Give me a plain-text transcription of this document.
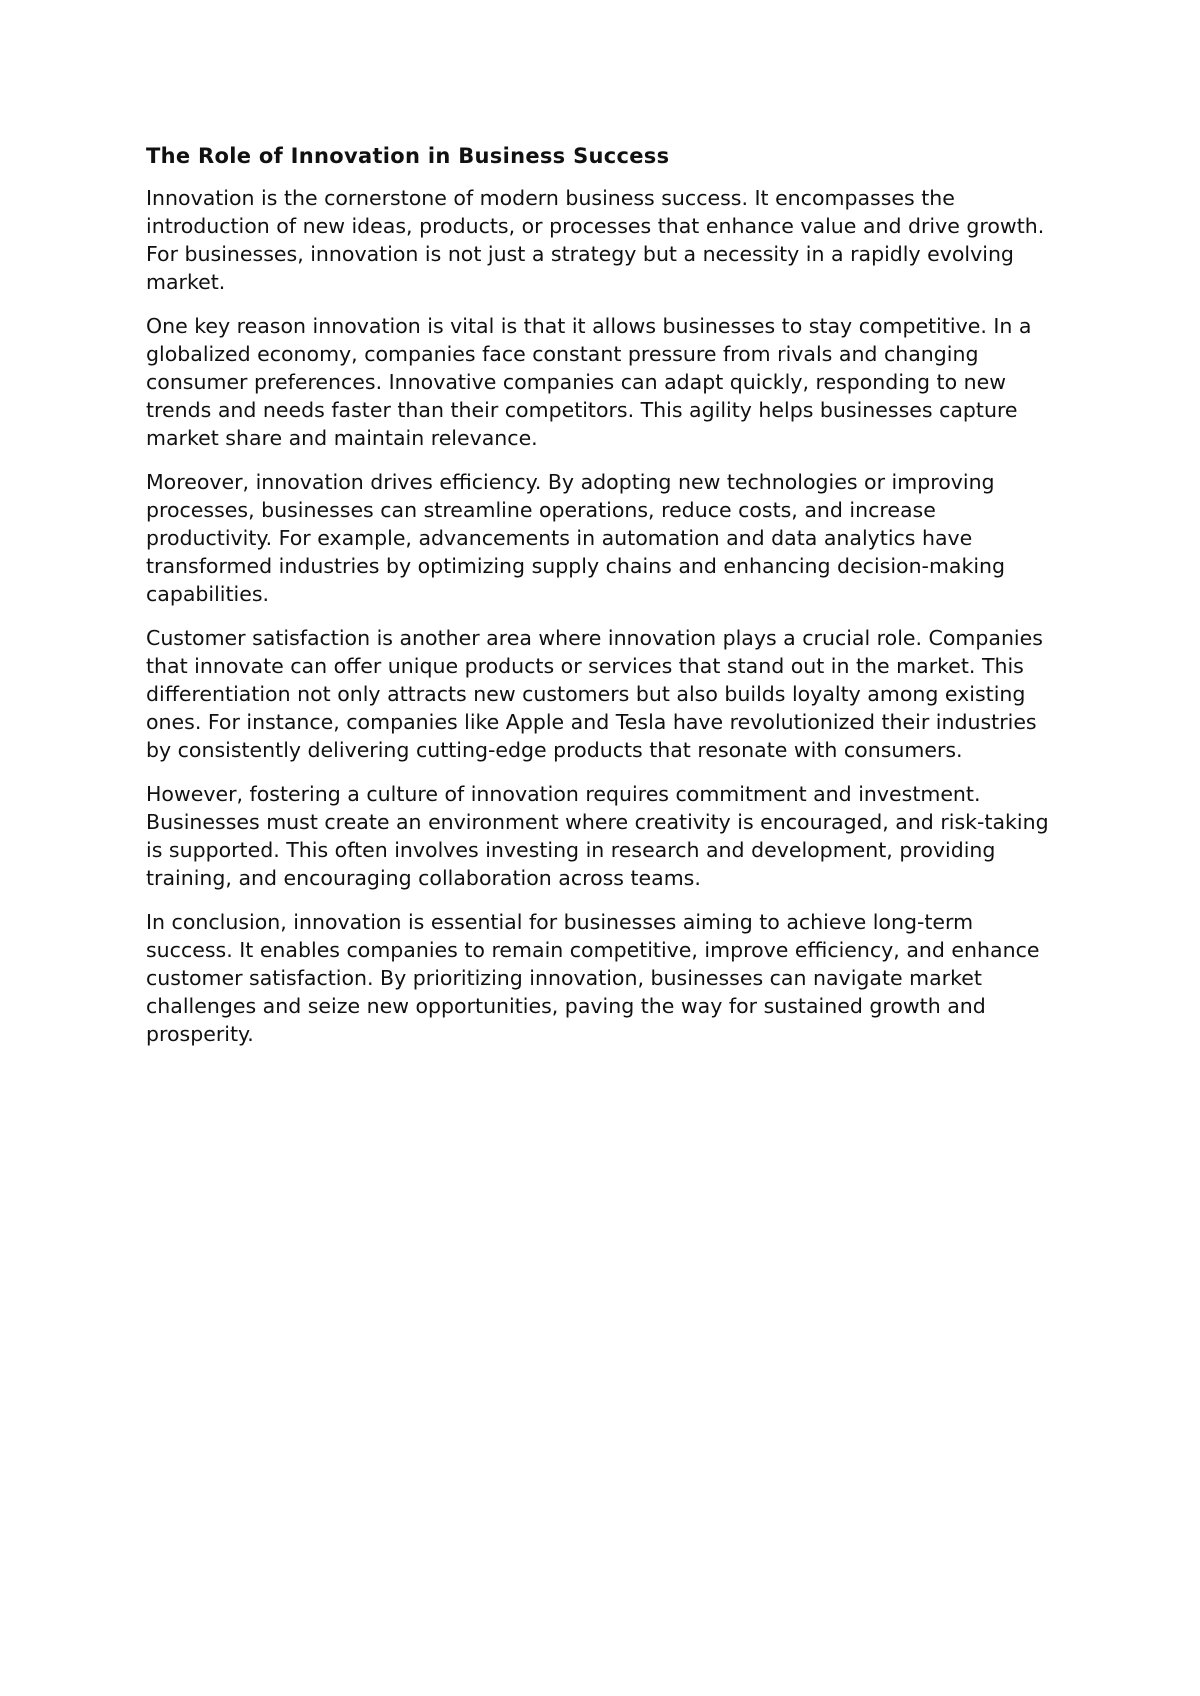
The Role of Innovation in Business Success

Innovation is the cornerstone of modern business success. It encompasses the introduction of new ideas, products, or processes that enhance value and drive growth. For businesses, innovation is not just a strategy but a necessity in a rapidly evolving market.

One key reason innovation is vital is that it allows businesses to stay competitive. In a globalized economy, companies face constant pressure from rivals and changing consumer preferences. Innovative companies can adapt quickly, responding to new trends and needs faster than their competitors. This agility helps businesses capture market share and maintain relevance.

Moreover, innovation drives efficiency. By adopting new technologies or improving processes, businesses can streamline operations, reduce costs, and increase productivity. For example, advancements in automation and data analytics have transformed industries by optimizing supply chains and enhancing decision-making capabilities.

Customer satisfaction is another area where innovation plays a crucial role. Companies that innovate can offer unique products or services that stand out in the market. This differentiation not only attracts new customers but also builds loyalty among existing ones. For instance, companies like Apple and Tesla have revolutionized their industries by consistently delivering cutting-edge products that resonate with consumers.

However, fostering a culture of innovation requires commitment and investment. Businesses must create an environment where creativity is encouraged, and risk-taking is supported. This often involves investing in research and development, providing training, and encouraging collaboration across teams.

In conclusion, innovation is essential for businesses aiming to achieve long-term success. It enables companies to remain competitive, improve efficiency, and enhance customer satisfaction. By prioritizing innovation, businesses can navigate market challenges and seize new opportunities, paving the way for sustained growth and prosperity.
